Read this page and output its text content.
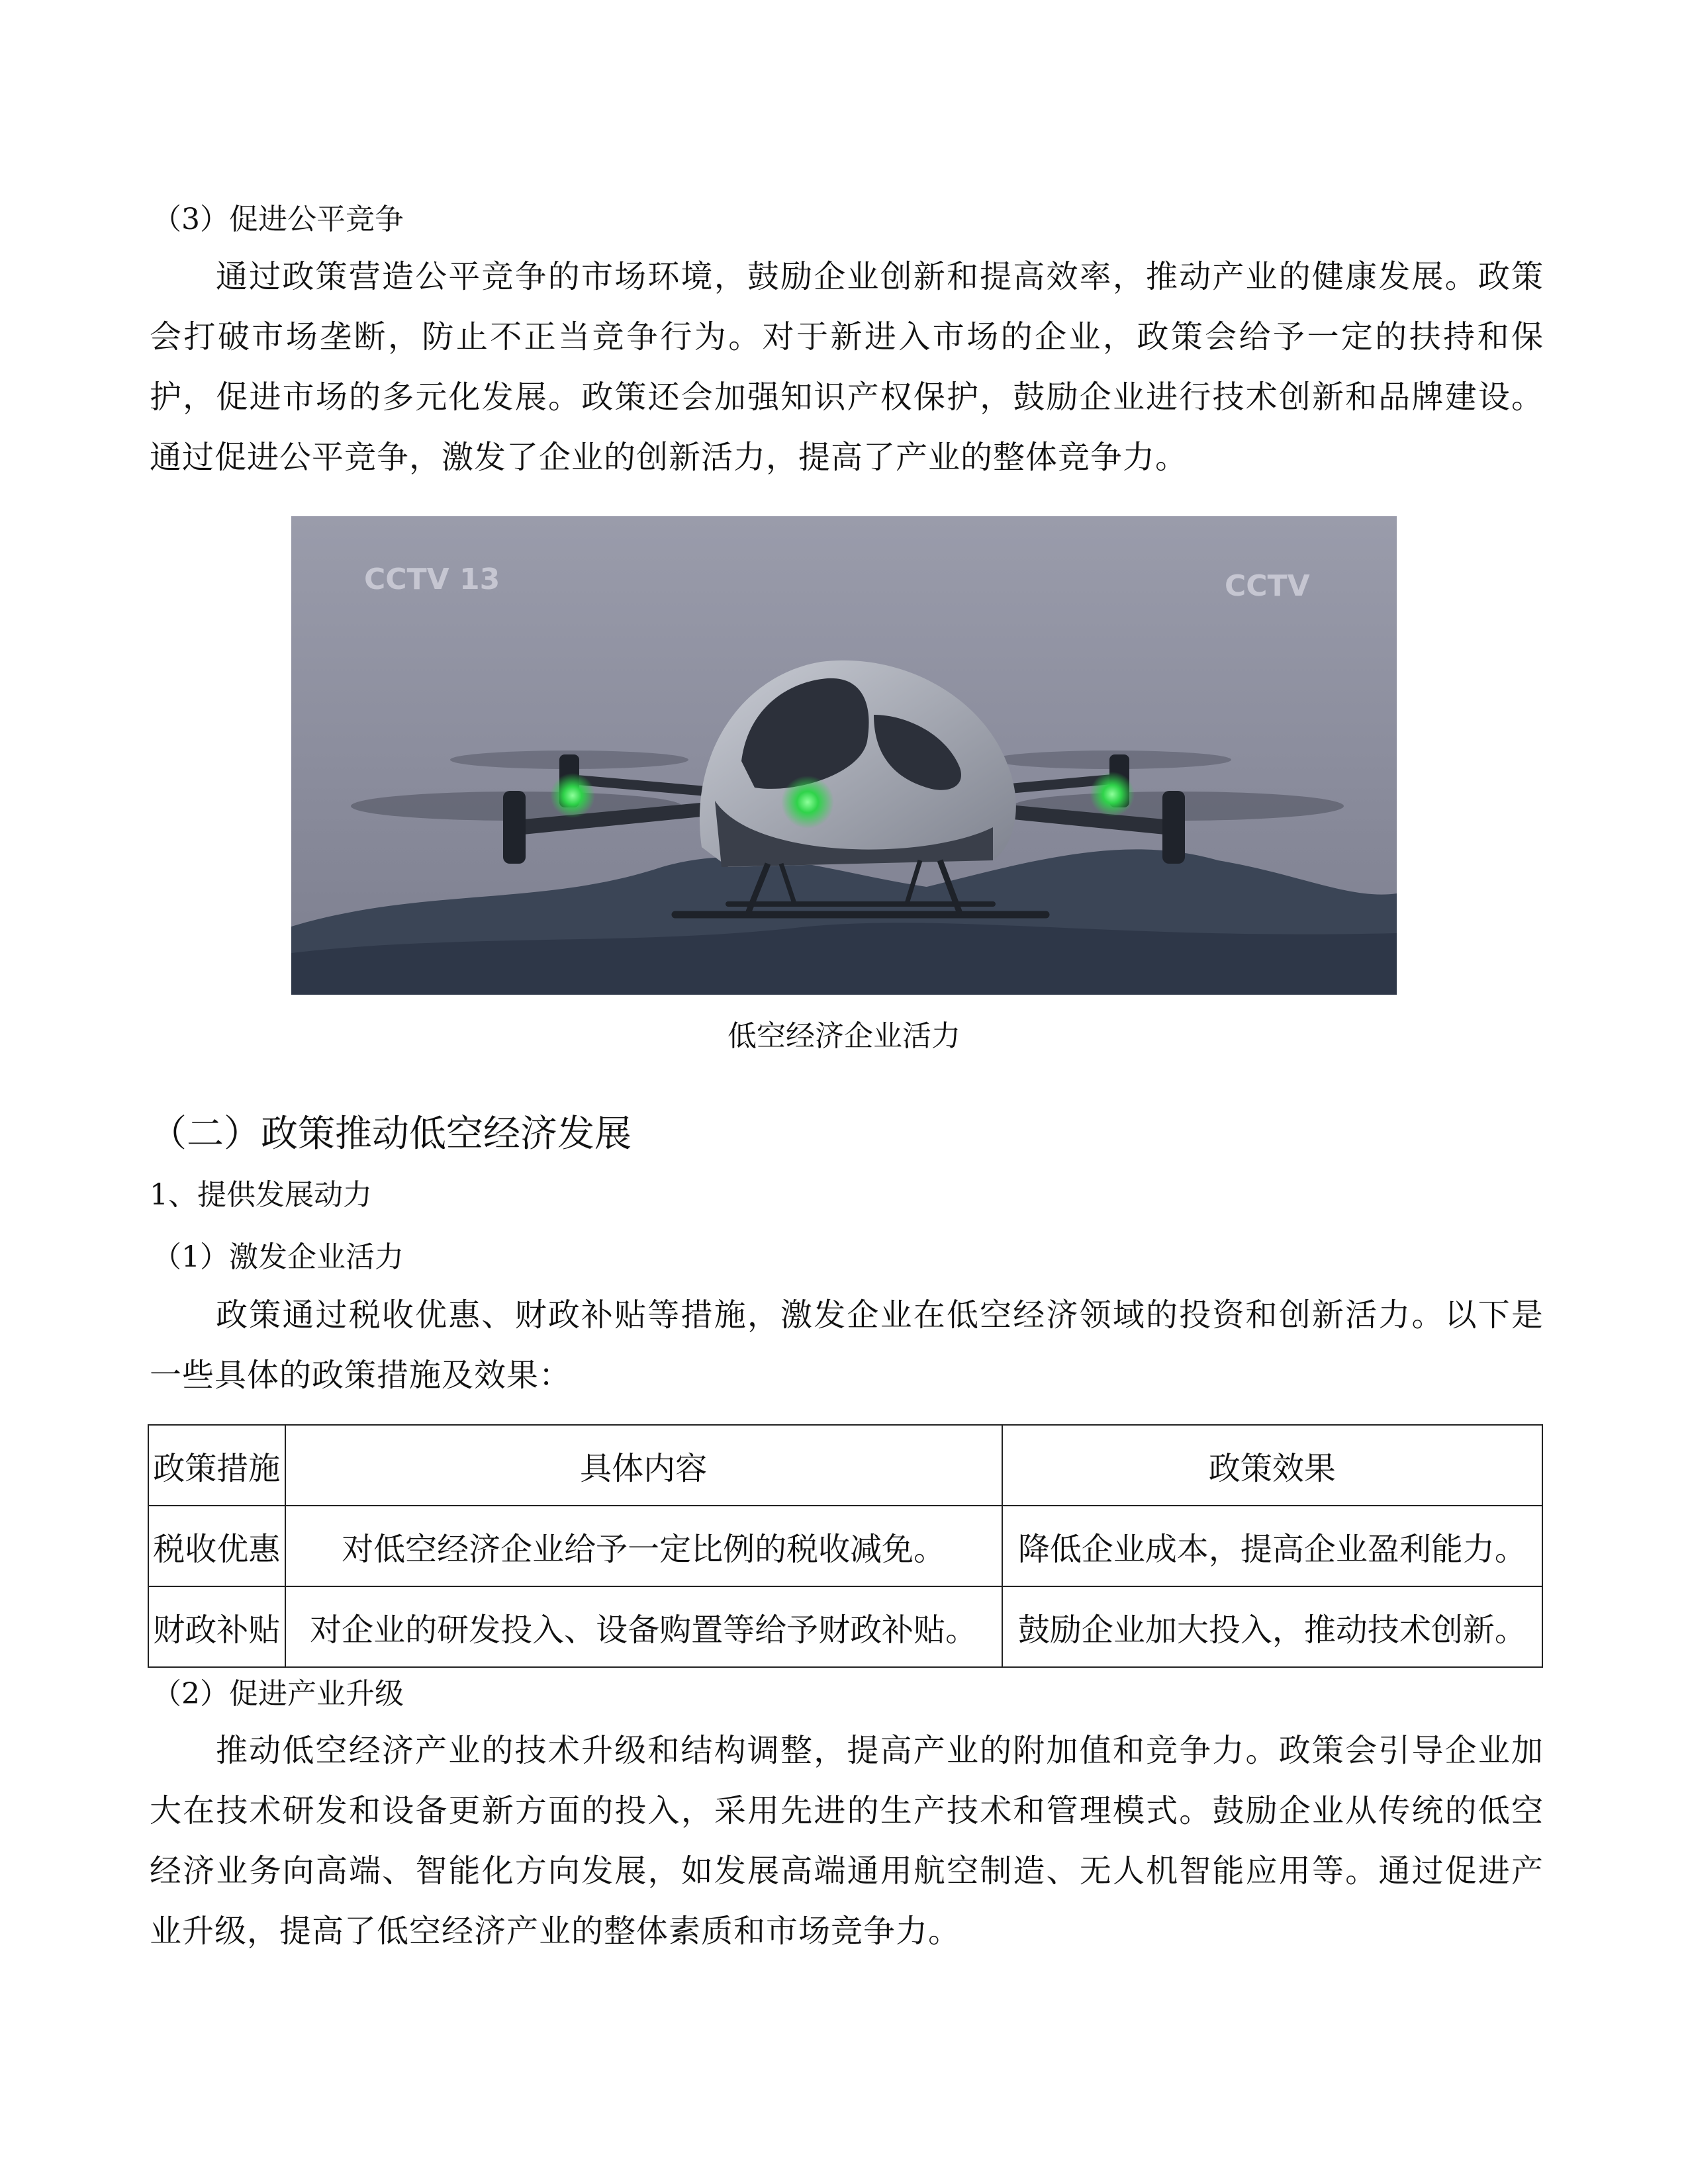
（3）促进公平竞争
通过政策营造公平竞争的市场环境，鼓励企业创新和提高效率，推动产业的健康发展。政策会打破市场垄断，防止不正当竞争行为。对于新进入市场的企业，政策会给予一定的扶持和保护，促进市场的多元化发展。政策还会加强知识产权保护，鼓励企业进行技术创新和品牌建设。通过促进公平竞争，激发了企业的创新活力，提高了产业的整体竞争力。
CCTV 13	CCTV
低空经济企业活力
（二）政策推动低空经济发展
1、提供发展动力
（1）激发企业活力
政策通过税收优惠、财政补贴等措施，激发企业在低空经济领域的投资和创新活力。以下是一些具体的政策措施及效果：
政策措施	具体内容	政策效果
税收优惠	对低空经济企业给予一定比例的税收减免。	降低企业成本，提高企业盈利能力。
财政补贴	对企业的研发投入、设备购置等给予财政补贴。	鼓励企业加大投入，推动技术创新。
（2）促进产业升级
推动低空经济产业的技术升级和结构调整，提高产业的附加值和竞争力。政策会引导企业加大在技术研发和设备更新方面的投入，采用先进的生产技术和管理模式。鼓励企业从传统的低空经济业务向高端、智能化方向发展，如发展高端通用航空制造、无人机智能应用等。通过促进产业升级，提高了低空经济产业的整体素质和市场竞争力。
